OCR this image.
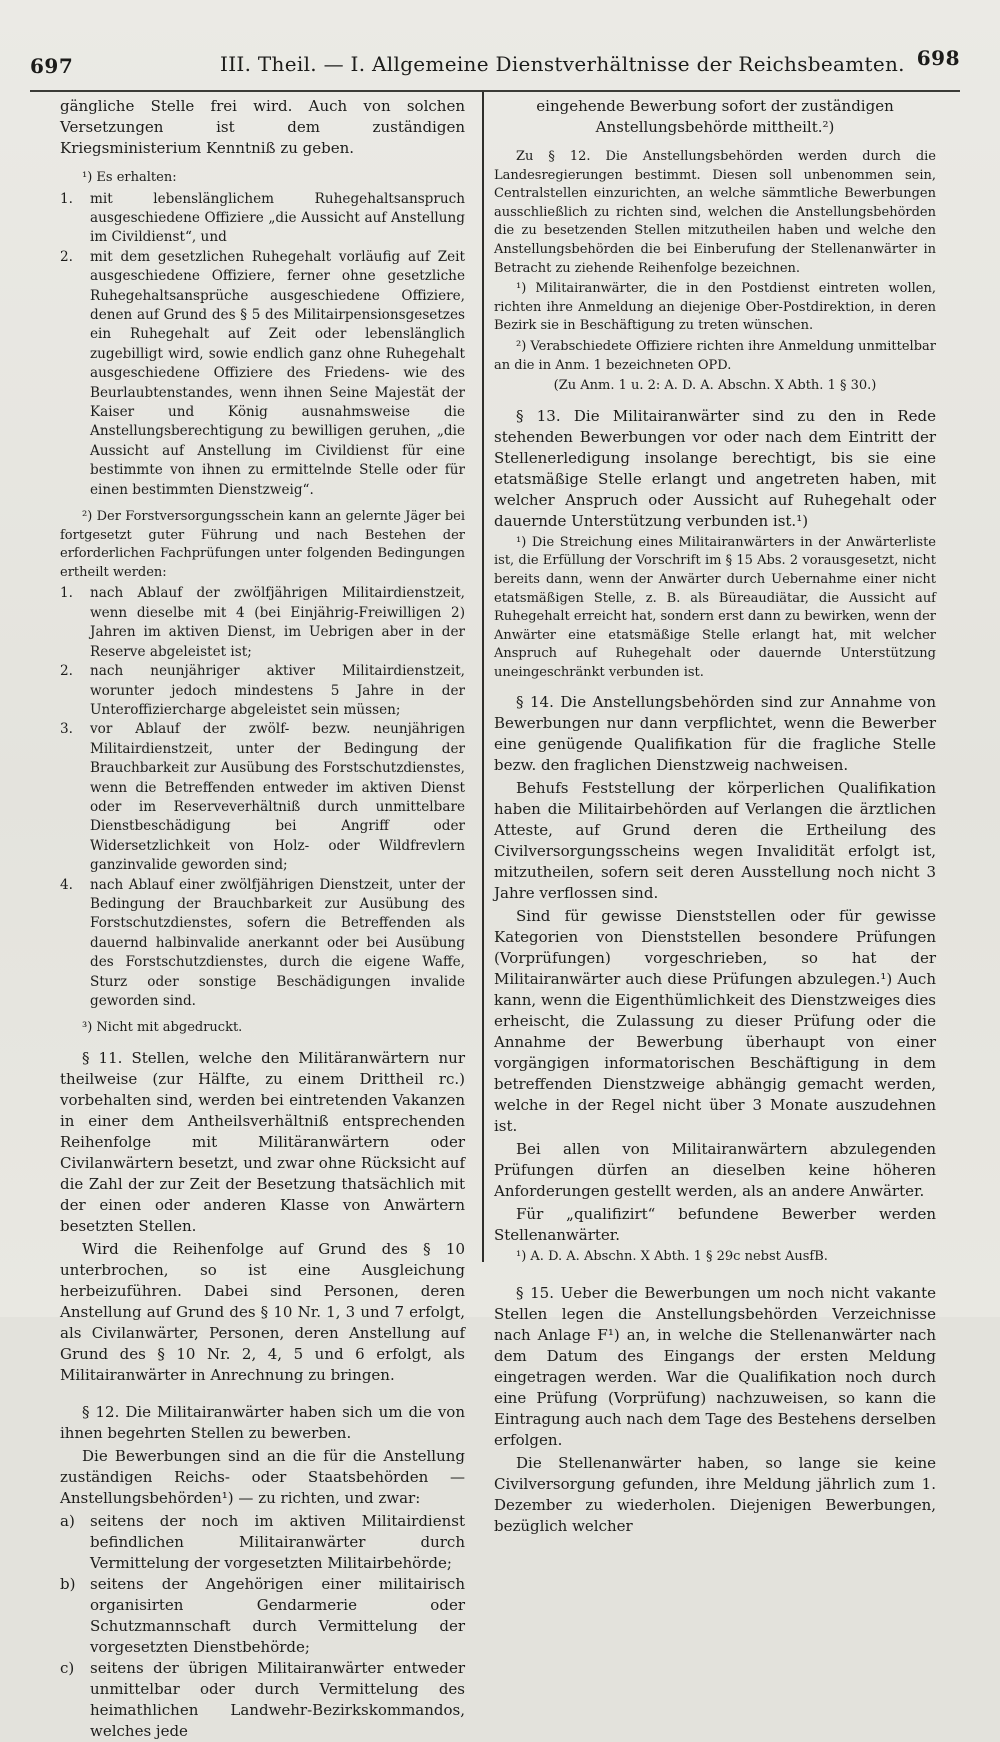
697	III. Theil. — I. Allgemeine Dienstverhältnisse der Reichsbeamten. 698

gängliche Stelle frei wird. Auch von solchen Versetzungen ist dem zuständigen Kriegsministerium Kenntniß zu geben.

¹) Es erhalten:

1. mit lebenslänglichem Ruhegehaltsanspruch ausgeschiedene Offiziere „die Aussicht auf Anstellung im Civildienst“, und
2. mit dem gesetzlichen Ruhegehalt vorläufig auf Zeit ausgeschiedene Offiziere, ferner ohne gesetzliche Ruhegehaltsansprüche ausgeschiedene Offiziere, denen auf Grund des § 5 des Militairpensionsgesetzes ein Ruhegehalt auf Zeit oder lebenslänglich zugebilligt wird, sowie endlich ganz ohne Ruhegehalt ausgeschiedene Offiziere des Friedens- wie des Beurlaubtenstandes, wenn ihnen Seine Majestät der Kaiser und König ausnahmsweise die Anstellungsberechtigung zu bewilligen geruhen, „die Aussicht auf Anstellung im Civildienst für eine bestimmte von ihnen zu ermittelnde Stelle oder für einen bestimmten Dienstzweig“.

²) Der Forstversorgungsschein kann an gelernte Jäger bei fortgesetzt guter Führung und nach Bestehen der erforderlichen Fachprüfungen unter folgenden Bedingungen ertheilt werden:

1. nach Ablauf der zwölfjährigen Militairdienstzeit, wenn dieselbe mit 4 (bei Einjährig-Freiwilligen 2) Jahren im aktiven Dienst, im Uebrigen aber in der Reserve abgeleistet ist;
2. nach neunjähriger aktiver Militairdienstzeit, worunter jedoch mindestens 5 Jahre in der Unteroffiziercharge abgeleistet sein müssen;
3. vor Ablauf der zwölf- bezw. neunjährigen Militairdienstzeit, unter der Bedingung der Brauchbarkeit zur Ausübung des Forstschutzdienstes, wenn die Betreffenden entweder im aktiven Dienst oder im Reserveverhältniß durch unmittelbare Dienstbeschädigung bei Angriff oder Widersetzlichkeit von Holz- oder Wildfrevlern ganzinvalide geworden sind;
4. nach Ablauf einer zwölfjährigen Dienstzeit, unter der Bedingung der Brauchbarkeit zur Ausübung des Forstschutzdienstes, sofern die Betreffenden als dauernd halbinvalide anerkannt oder bei Ausübung des Forstschutzdienstes, durch die eigene Waffe, Sturz oder sonstige Beschädigungen invalide geworden sind.

³) Nicht mit abgedruckt.

§ 11. Stellen, welche den Militäranwärtern nur theilweise (zur Hälfte, zu einem Drittheil rc.) vorbehalten sind, werden bei eintretenden Vakanzen in einer dem Antheilsverhältniß entsprechenden Reihenfolge mit Militäranwärtern oder Civilanwärtern besetzt, und zwar ohne Rücksicht auf die Zahl der zur Zeit der Besetzung thatsächlich mit der einen oder anderen Klasse von Anwärtern besetzten Stellen.

Wird die Reihenfolge auf Grund des § 10 unterbrochen, so ist eine Ausgleichung herbeizuführen. Dabei sind Personen, deren Anstellung auf Grund des § 10 Nr. 1, 3 und 7 erfolgt, als Civilanwärter, Personen, deren Anstellung auf Grund des § 10 Nr. 2, 4, 5 und 6 erfolgt, als Militairanwärter in Anrechnung zu bringen.

§ 12. Die Militairanwärter haben sich um die von ihnen begehrten Stellen zu bewerben.

Die Bewerbungen sind an die für die Anstellung zuständigen Reichs- oder Staatsbehörden — Anstellungsbehörden¹) — zu richten, und zwar:

a) seitens der noch im aktiven Militairdienst befindlichen Militairanwärter durch Vermittelung der vorgesetzten Militairbehörde;
b) seitens der Angehörigen einer militairisch organisirten Gendarmerie oder Schutzmannschaft durch Vermittelung der vorgesetzten Dienstbehörde;
c) seitens der übrigen Militairanwärter entweder unmittelbar oder durch Vermittelung des heimathlichen Landwehr-Bezirkskommandos, welches jede

eingehende Bewerbung sofort der zuständigen Anstellungsbehörde mittheilt.²)

Zu § 12. Die Anstellungsbehörden werden durch die Landesregierungen bestimmt. Diesen soll unbenommen sein, Centralstellen einzurichten, an welche sämmtliche Bewerbungen ausschließlich zu richten sind, welchen die Anstellungsbehörden die zu besetzenden Stellen mitzutheilen haben und welche den Anstellungsbehörden die bei Einberufung der Stellenanwärter in Betracht zu ziehende Reihenfolge bezeichnen.

¹) Militairanwärter, die in den Postdienst eintreten wollen, richten ihre Anmeldung an diejenige Ober-Postdirektion, in deren Bezirk sie in Beschäftigung zu treten wünschen.

²) Verabschiedete Offiziere richten ihre Anmeldung unmittelbar an die in Anm. 1 bezeichneten OPD.

(Zu Anm. 1 u. 2: A. D. A. Abschn. X Abth. 1 § 30.)

§ 13. Die Militairanwärter sind zu den in Rede stehenden Bewerbungen vor oder nach dem Eintritt der Stellenerledigung insolange berechtigt, bis sie eine etatsmäßige Stelle erlangt und angetreten haben, mit welcher Anspruch oder Aussicht auf Ruhegehalt oder dauernde Unterstützung verbunden ist.¹)

¹) Die Streichung eines Militairanwärters in der Anwärterliste ist, die Erfüllung der Vorschrift im § 15 Abs. 2 vorausgesetzt, nicht bereits dann, wenn der Anwärter durch Uebernahme einer nicht etatsmäßigen Stelle, z. B. als Büreaudiätar, die Aussicht auf Ruhegehalt erreicht hat, sondern erst dann zu bewirken, wenn der Anwärter eine etatsmäßige Stelle erlangt hat, mit welcher Anspruch auf Ruhegehalt oder dauernde Unterstützung uneingeschränkt verbunden ist.

§ 14. Die Anstellungsbehörden sind zur Annahme von Bewerbungen nur dann verpflichtet, wenn die Bewerber eine genügende Qualifikation für die fragliche Stelle bezw. den fraglichen Dienstzweig nachweisen.

Behufs Feststellung der körperlichen Qualifikation haben die Militairbehörden auf Verlangen die ärztlichen Atteste, auf Grund deren die Ertheilung des Civilversorgungsscheins wegen Invalidität erfolgt ist, mitzutheilen, sofern seit deren Ausstellung noch nicht 3 Jahre verflossen sind.

Sind für gewisse Dienststellen oder für gewisse Kategorien von Dienststellen besondere Prüfungen (Vorprüfungen) vorgeschrieben, so hat der Militairanwärter auch diese Prüfungen abzulegen.¹) Auch kann, wenn die Eigenthümlichkeit des Dienstzweiges dies erheischt, die Zulassung zu dieser Prüfung oder die Annahme der Bewerbung überhaupt von einer vorgängigen informatorischen Beschäftigung in dem betreffenden Dienstzweige abhängig gemacht werden, welche in der Regel nicht über 3 Monate auszudehnen ist.

Bei allen von Militairanwärtern abzulegenden Prüfungen dürfen an dieselben keine höheren Anforderungen gestellt werden, als an andere Anwärter.

Für „qualifizirt“ befundene Bewerber werden Stellenanwärter.

¹) A. D. A. Abschn. X Abth. 1 § 29c nebst AusfB.

§ 15. Ueber die Bewerbungen um noch nicht vakante Stellen legen die Anstellungsbehörden Verzeichnisse nach Anlage F¹) an, in welche die Stellenanwärter nach dem Datum des Eingangs der ersten Meldung eingetragen werden. War die Qualifikation noch durch eine Prüfung (Vorprüfung) nachzuweisen, so kann die Eintragung auch nach dem Tage des Bestehens derselben erfolgen.

Die Stellenanwärter haben, so lange sie keine Civilversorgung gefunden, ihre Meldung jährlich zum 1. Dezember zu wiederholen. Diejenigen Bewerbungen, bezüglich welcher
